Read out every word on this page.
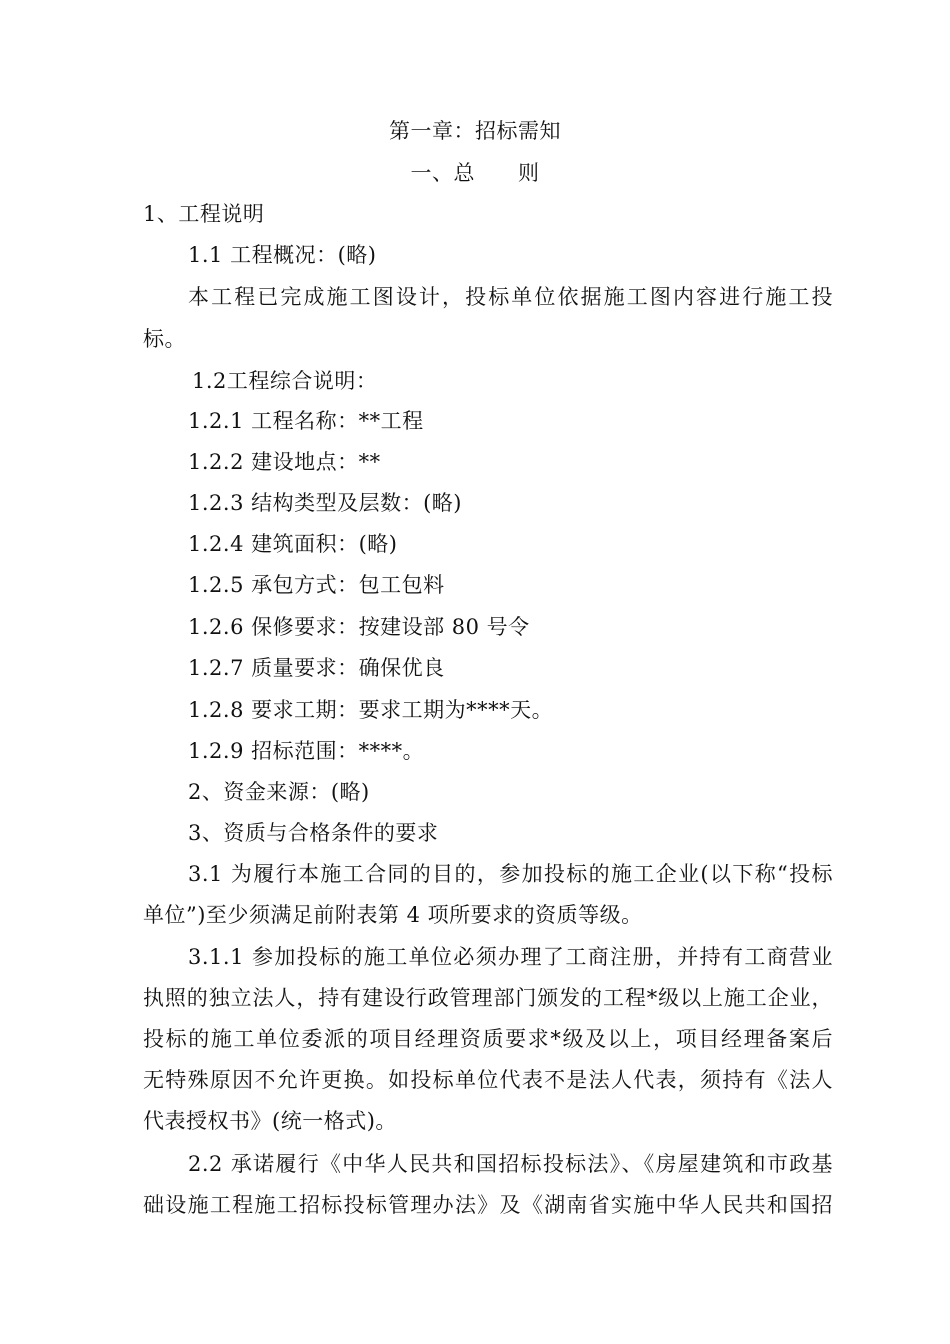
第一章：招标需知
一、总　　则
1、工程说明
1.1 工程概况：(略)
本工程已完成施工图设计，投标单位依据施工图内容进行施工投
标。
1.2工程综合说明：
1.2.1 工程名称：**工程
1.2.2 建设地点：**
1.2.3 结构类型及层数：(略)
1.2.4 建筑面积：(略)
1.2.5 承包方式：包工包料
1.2.6 保修要求：按建设部 80 号令
1.2.7 质量要求：确保优良
1.2.8 要求工期：要求工期为****天。
1.2.9 招标范围：****。
2、资金来源：(略)
3、资质与合格条件的要求
3.1 为履行本施工合同的目的，参加投标的施工企业(以下称“投标
单位”)至少须满足前附表第 4 项所要求的资质等级。
3.1.1 参加投标的施工单位必须办理了工商注册，并持有工商营业
执照的独立法人，持有建设行政管理部门颁发的工程*级以上施工企业，
投标的施工单位委派的项目经理资质要求*级及以上，项目经理备案后
无特殊原因不允许更换。如投标单位代表不是法人代表，须持有《法人
代表授权书》(统一格式)。
2.2 承诺履行《中华人民共和国招标投标法》、《房屋建筑和市政基
础设施工程施工招标投标管理办法》及《湖南省实施中华人民共和国招
